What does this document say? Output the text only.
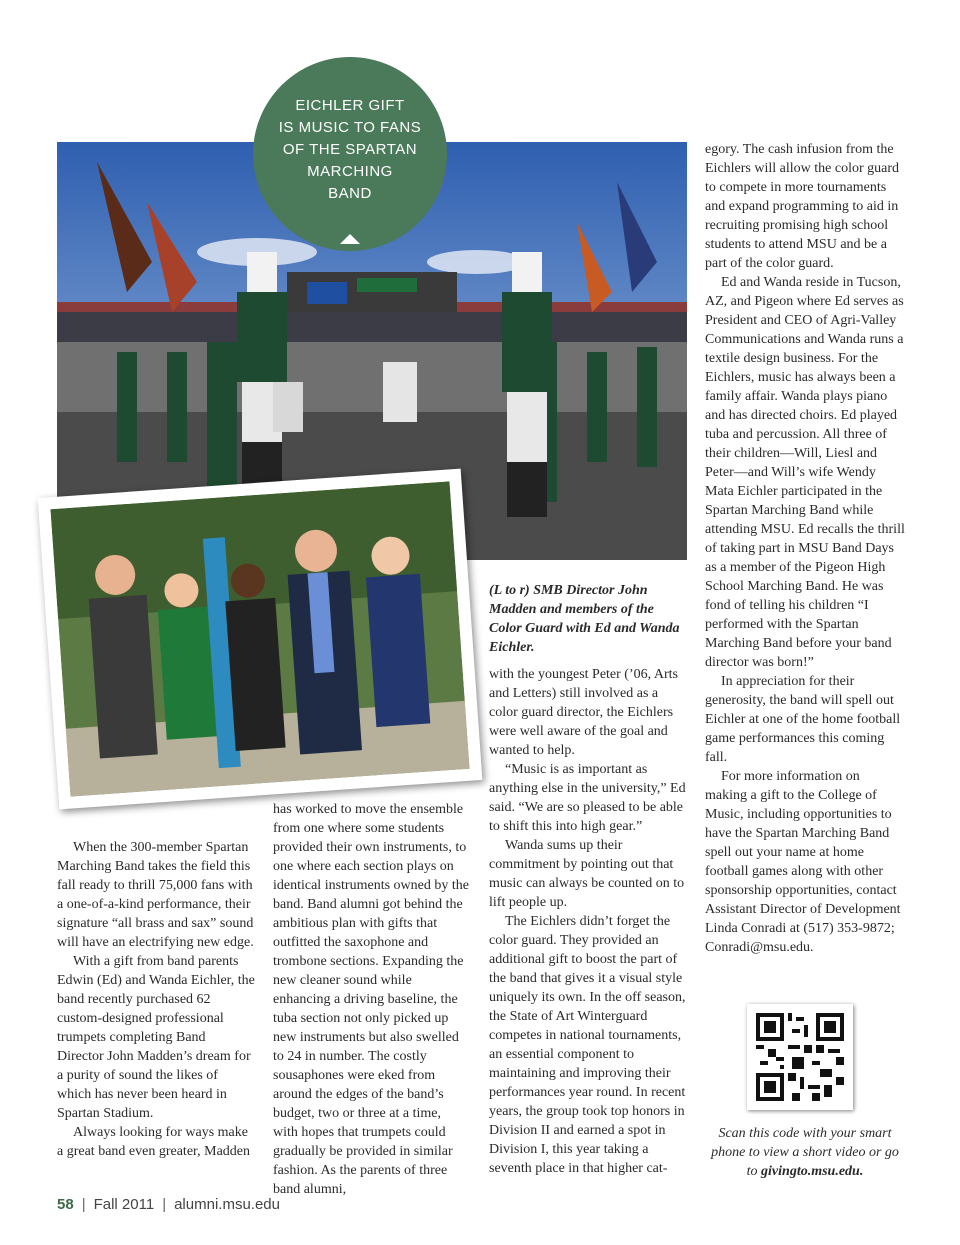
EICHLER GIFT
IS MUSIC TO FANS
OF THE SPARTAN
MARCHING
BAND
(L to r) SMB Director John Madden and members of the Color Guard with Ed and Wanda Eichler.

When the 300-member Spartan Marching Band takes the field this fall ready to thrill 75,000 fans with a one-of-a-kind performance, their signature “all brass and sax” sound will have an electrifying new edge.

With a gift from band parents Edwin (Ed) and Wanda Eichler, the band recently purchased 62 custom-designed professional trumpets completing Band Director John Madden’s dream for a purity of sound the likes of which has never been heard in Spartan Stadium.

Always looking for ways make a great band even greater, Madden

has worked to move the ensemble from one where some students provided their own instruments, to one where each section plays on identical instruments owned by the band. Band alumni got behind the ambitious plan with gifts that outfitted the saxophone and trombone sections. Expanding the new cleaner sound while enhancing a driving baseline, the tuba section not only picked up new instruments but also swelled to 24 in number. The costly sousaphones were eked from around the edges of the band’s budget, two or three at a time, with hopes that trumpets could gradually be provided in similar fashion. As the parents of three band alumni,

with the youngest Peter (’06, Arts and Letters) still involved as a color guard director, the Eichlers were well aware of the goal and wanted to help.

“Music is as important as anything else in the university,” Ed said. “We are so pleased to be able to shift this into high gear.”

Wanda sums up their commitment by pointing out that music can always be counted on to lift people up.

The Eichlers didn’t forget the color guard. They provided an additional gift to boost the part of the band that gives it a visual style uniquely its own. In the off season, the State of Art Winterguard competes in national tournaments, an essential component to maintaining and improving their performances year round. In recent years, the group took top honors in Division II and earned a spot in Division I, this year taking a seventh place in that higher cat-

egory. The cash infusion from the Eichlers will allow the color guard to compete in more tournaments and expand programming to aid in recruiting promising high school students to attend MSU and be a part of the color guard.

Ed and Wanda reside in Tucson, AZ, and Pigeon where Ed serves as President and CEO of Agri-Valley Communications and Wanda runs a textile design business. For the Eichlers, music has always been a family affair. Wanda plays piano and has directed choirs. Ed played tuba and percussion. All three of their children—Will, Liesl and Peter—and Will’s wife Wendy Mata Eichler participated in the Spartan Marching Band while attending MSU. Ed recalls the thrill of taking part in MSU Band Days as a member of the Pigeon High School Marching Band. He was fond of telling his children “I performed with the Spartan Marching Band before your band director was born!”

In appreciation for their generosity, the band will spell out Eichler at one of the home football game performances this coming fall.

For more information on making a gift to the College of Music, including opportunities to have the Spartan Marching Band spell out your name at home football games along with other sponsorship opportunities, contact Assistant Director of Development Linda Conradi at (517) 353-9872; Conradi@msu.edu.

Scan this code with your smart phone to view a short video or go to givingto.msu.edu.
58 | Fall 2011 | alumni.msu.edu
